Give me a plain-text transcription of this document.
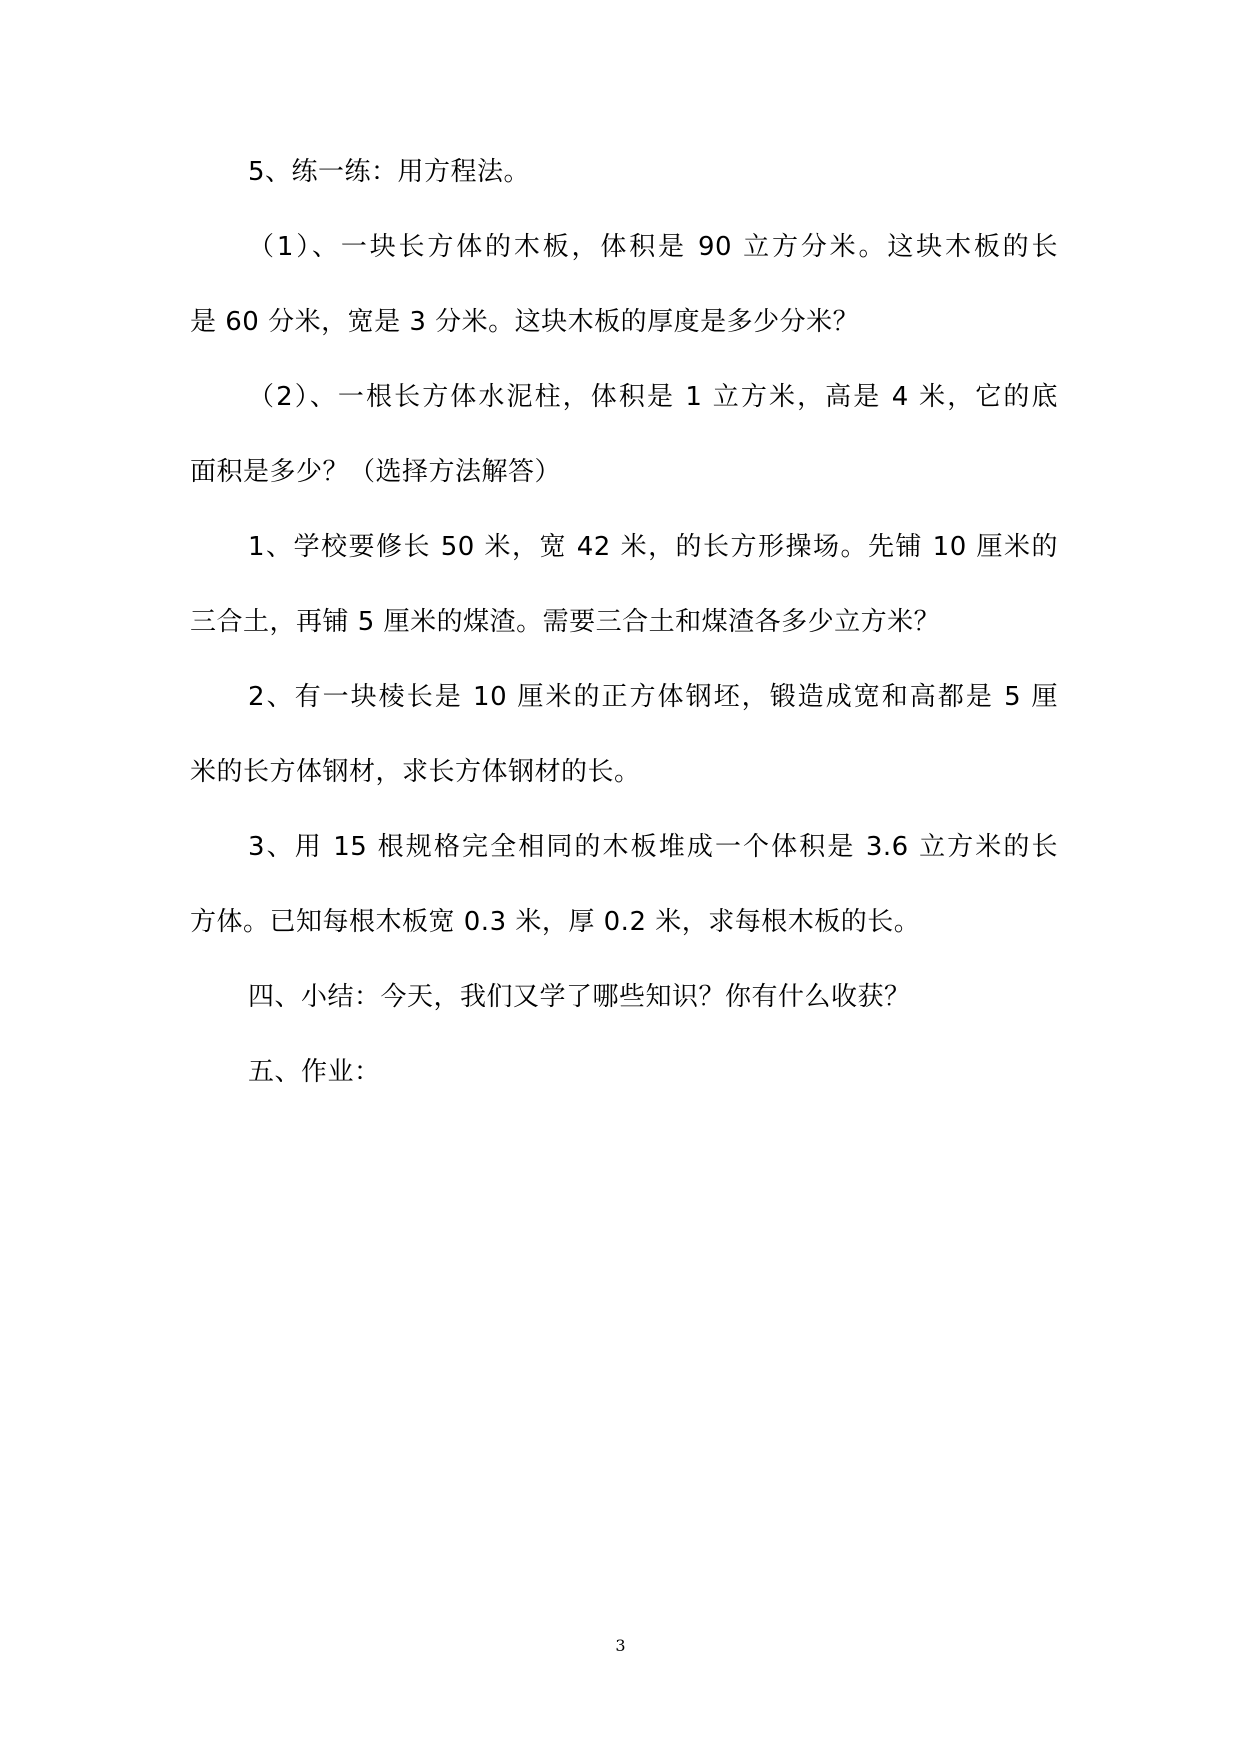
5、练一练：用方程法。
（1）、一块长方体的木板，体积是 90 立方分米。这块木板的长
是 60 分米，宽是 3 分米。这块木板的厚度是多少分米？
（2）、一根长方体水泥柱，体积是 1 立方米，高是 4 米，它的底
面积是多少？（选择方法解答）
1、学校要修长 50 米，宽 42 米，的长方形操场。先铺 10 厘米的
三合土，再铺 5 厘米的煤渣。需要三合土和煤渣各多少立方米？
2、有一块棱长是 10 厘米的正方体钢坯，锻造成宽和高都是 5 厘
米的长方体钢材，求长方体钢材的长。
3、用 15 根规格完全相同的木板堆成一个体积是 3.6 立方米的长
方体。已知每根木板宽 0.3 米，厚 0.2 米，求每根木板的长。
四、小结：今天，我们又学了哪些知识？你有什么收获？
五、作业：
3
